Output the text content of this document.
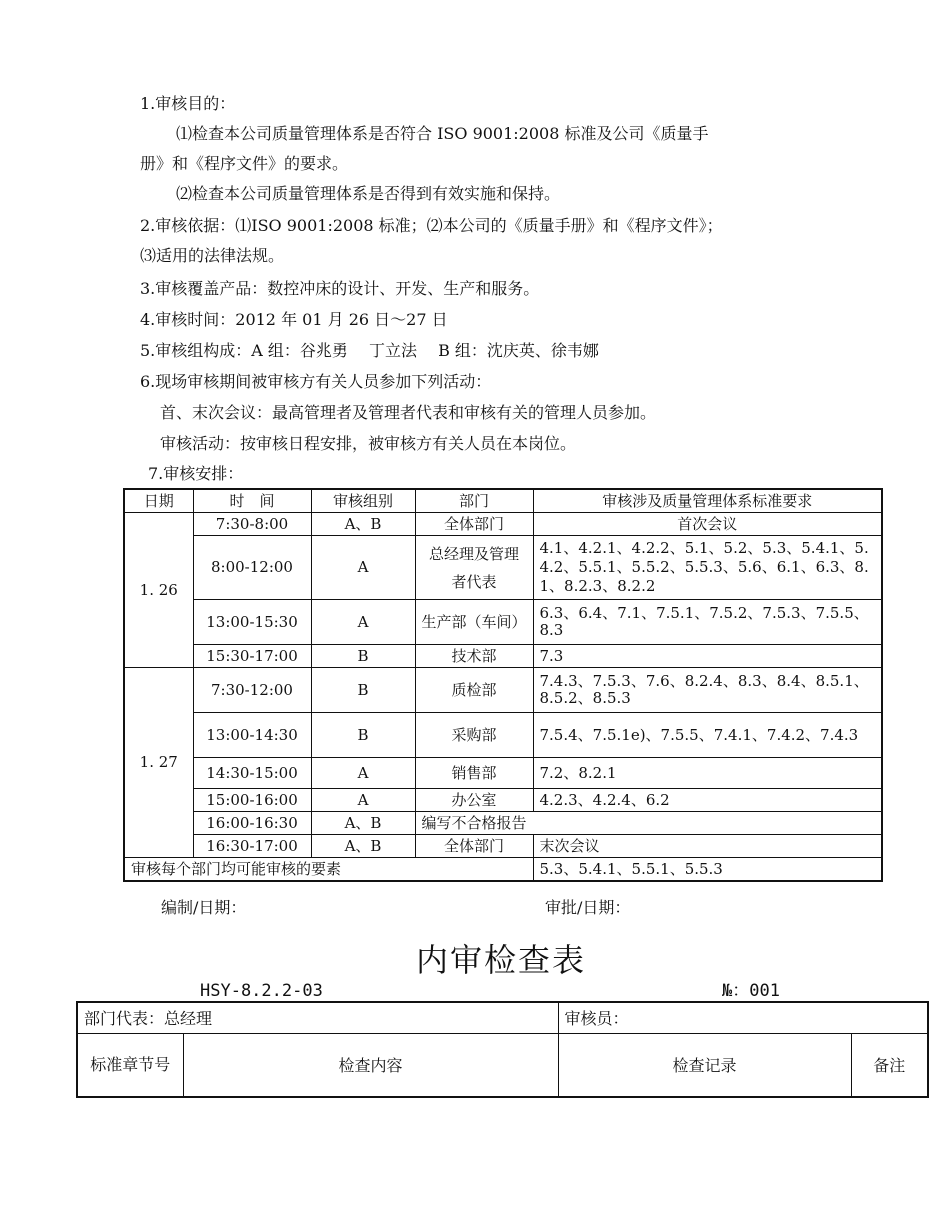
1.审核目的：
⑴检查本公司质量管理体系是否符合 ISO 9001:2008 标准及公司《质量手
册》和《程序文件》的要求。
⑵检查本公司质量管理体系是否得到有效实施和保持。
2.审核依据：⑴ISO 9001:2008 标准；⑵本公司的《质量手册》和《程序文件》；
⑶适用的法律法规。
3.审核覆盖产品：数控冲床的设计、开发、生产和服务。
4.审核时间：2012 年 01 月 26 日～27 日
5.审核组构成：A 组：谷兆勇　 丁立法　 B 组：沈庆英、徐韦娜
6.现场审核期间被审核方有关人员参加下列活动：
首、末次会议：最高管理者及管理者代表和审核有关的管理人员参加。
审核活动：按审核日程安排，被审核方有关人员在本岗位。
7.审核安排：
日期	时　间	审核组别	部门	审核涉及质量管理体系标准要求
1. 26	7:30-8:00	A、B	全体部门	首次会议
	8:00-12:00	A	总经理及管理者代表	4.1、4.2.1、4.2.2、5.1、5.2、5.3、5.4.1、5.4.2、5.5.1、5.5.2、5.5.3、5.6、6.1、6.3、8.1、8.2.3、8.2.2
	13:00-15:30	A	生产部（车间）	6.3、6.4、7.1、7.5.1、7.5.2、7.5.3、7.5.5、8.3
	15:30-17:00	B	技术部	7.3
1. 27	7:30-12:00	B	质检部	7.4.3、7.5.3、7.6、8.2.4、8.3、8.4、8.5.1、8.5.2、8.5.3
	13:00-14:30	B	采购部	7.5.4、7.5.1e)、7.5.5、7.4.1、7.4.2、7.4.3
	14:30-15:00	A	销售部	7.2、8.2.1
	15:00-16:00	A	办公室	4.2.3、4.2.4、6.2
	16:00-16:30	A、B	编写不合格报告	
	16:30-17:00	A、B	全体部门	末次会议
审核每个部门均可能审核的要素				5.3、5.4.1、5.5.1、5.5.3
编制/日期：	审批/日期：
内审检查表
HSY-8.2.2-03	№：001
部门代表：总经理		审核员：	
标准章节号	检查内容	检查记录	备注
